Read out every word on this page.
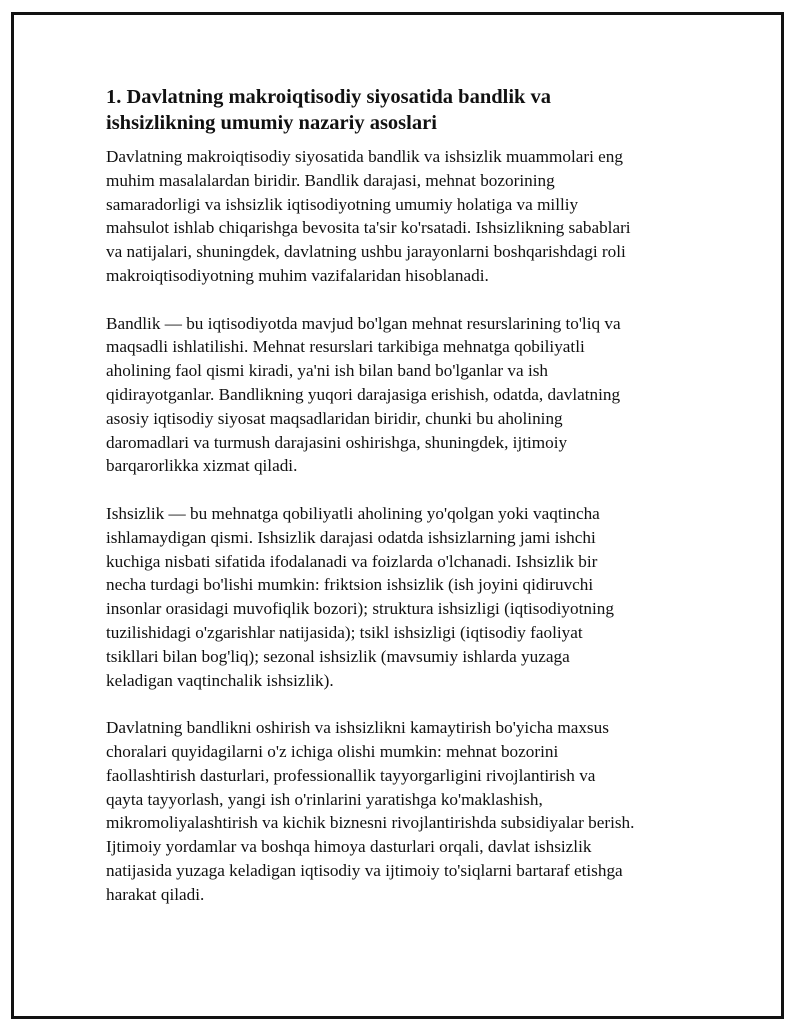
1. Davlatning makroiqtisodiy siyosatida bandlik va
ishsizlikning umumiy nazariy asoslari

Davlatning makroiqtisodiy siyosatida bandlik va ishsizlik muammolari eng
muhim masalalardan biridir. Bandlik darajasi, mehnat bozorining
samaradorligi va ishsizlik iqtisodiyotning umumiy holatiga va milliy
mahsulot ishlab chiqarishga bevosita ta'sir ko'rsatadi. Ishsizlikning sabablari
va natijalari, shuningdek, davlatning ushbu jarayonlarni boshqarishdagi roli
makroiqtisodiyotning muhim vazifalaridan hisoblanadi.

Bandlik — bu iqtisodiyotda mavjud bo'lgan mehnat resurslarining to'liq va
maqsadli ishlatilishi. Mehnat resurslari tarkibiga mehnatga qobiliyatli
aholining faol qismi kiradi, ya'ni ish bilan band bo'lganlar va ish
qidirayotganlar. Bandlikning yuqori darajasiga erishish, odatda, davlatning
asosiy iqtisodiy siyosat maqsadlaridan biridir, chunki bu aholining
daromadlari va turmush darajasini oshirishga, shuningdek, ijtimoiy
barqarorlikka xizmat qiladi.

Ishsizlik — bu mehnatga qobiliyatli aholining yo'qolgan yoki vaqtincha
ishlamaydigan qismi. Ishsizlik darajasi odatda ishsizlarning jami ishchi
kuchiga nisbati sifatida ifodalanadi va foizlarda o'lchanadi. Ishsizlik bir
necha turdagi bo'lishi mumkin: friktsion ishsizlik (ish joyini qidiruvchi
insonlar orasidagi muvofiqlik bozori); struktura ishsizligi (iqtisodiyotning
tuzilishidagi o'zgarishlar natijasida); tsikl ishsizligi (iqtisodiy faoliyat
tsikllari bilan bog'liq); sezonal ishsizlik (mavsumiy ishlarda yuzaga
keladigan vaqtinchalik ishsizlik).

Davlatning bandlikni oshirish va ishsizlikni kamaytirish bo'yicha maxsus
choralari quyidagilarni o'z ichiga olishi mumkin: mehnat bozorini
faollashtirish dasturlari, professionallik tayyorgarligini rivojlantirish va
qayta tayyorlash, yangi ish o'rinlarini yaratishga ko'maklashish,
mikromoliyalashtirish va kichik biznesni rivojlantirishda subsidiyalar berish.
Ijtimoiy yordamlar va boshqa himoya dasturlari orqali, davlat ishsizlik
natijasida yuzaga keladigan iqtisodiy va ijtimoiy to'siqlarni bartaraf etishga
harakat qiladi.
